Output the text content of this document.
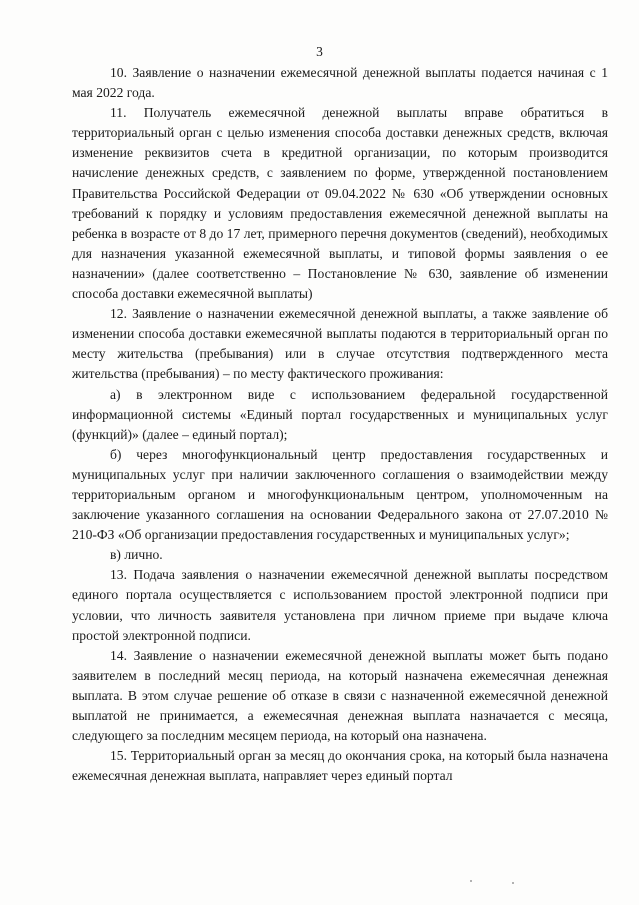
3

10. Заявление о назначении ежемесячной денежной выплаты подается начиная с 1 мая 2022 года.

11. Получатель ежемесячной денежной выплаты вправе обратиться в территориальный орган с целью изменения способа доставки денежных средств, включая изменение реквизитов счета в кредитной организации, по которым производится начисление денежных средств, с заявлением по форме, утвержденной постановлением Правительства Российской Федерации от 09.04.2022 № 630 «Об утверждении основных требований к порядку и условиям предоставления ежемесячной денежной выплаты на ребенка в возрасте от 8 до 17 лет, примерного перечня документов (сведений), необходимых для назначения указанной ежемесячной выплаты, и типовой формы заявления о ее назначении» (далее соответственно – Постановление № 630, заявление об изменении способа доставки ежемесячной выплаты)

12. Заявление о назначении ежемесячной денежной выплаты, а также заявление об изменении способа доставки ежемесячной выплаты подаются в территориальный орган по месту жительства (пребывания) или в случае отсутствия подтвержденного места жительства (пребывания) – по месту фактического проживания:

а) в электронном виде с использованием федеральной государственной информационной системы «Единый портал государственных и муниципальных услуг (функций)» (далее – единый портал);

б) через многофункциональный центр предоставления государственных и муниципальных услуг при наличии заключенного соглашения о взаимодействии между территориальным органом и многофункциональным центром, уполномоченным на заключение указанного соглашения на основании Федерального закона от 27.07.2010 № 210-ФЗ «Об организации предоставления государственных и муниципальных услуг»;

в) лично.

13. Подача заявления о назначении ежемесячной денежной выплаты посредством единого портала осуществляется с использованием простой электронной подписи при условии, что личность заявителя установлена при личном приеме при выдаче ключа простой электронной подписи.

14. Заявление о назначении ежемесячной денежной выплаты может быть подано заявителем в последний месяц периода, на который назначена ежемесячная денежная выплата. В этом случае решение об отказе в связи с назначенной ежемесячной денежной выплатой не принимается, а ежемесячная денежная выплата назначается с месяца, следующего за последним месяцем периода, на который она назначена.

15. Территориальный орган за месяц до окончания срока, на который была назначена ежемесячная денежная выплата, направляет через единый портал
